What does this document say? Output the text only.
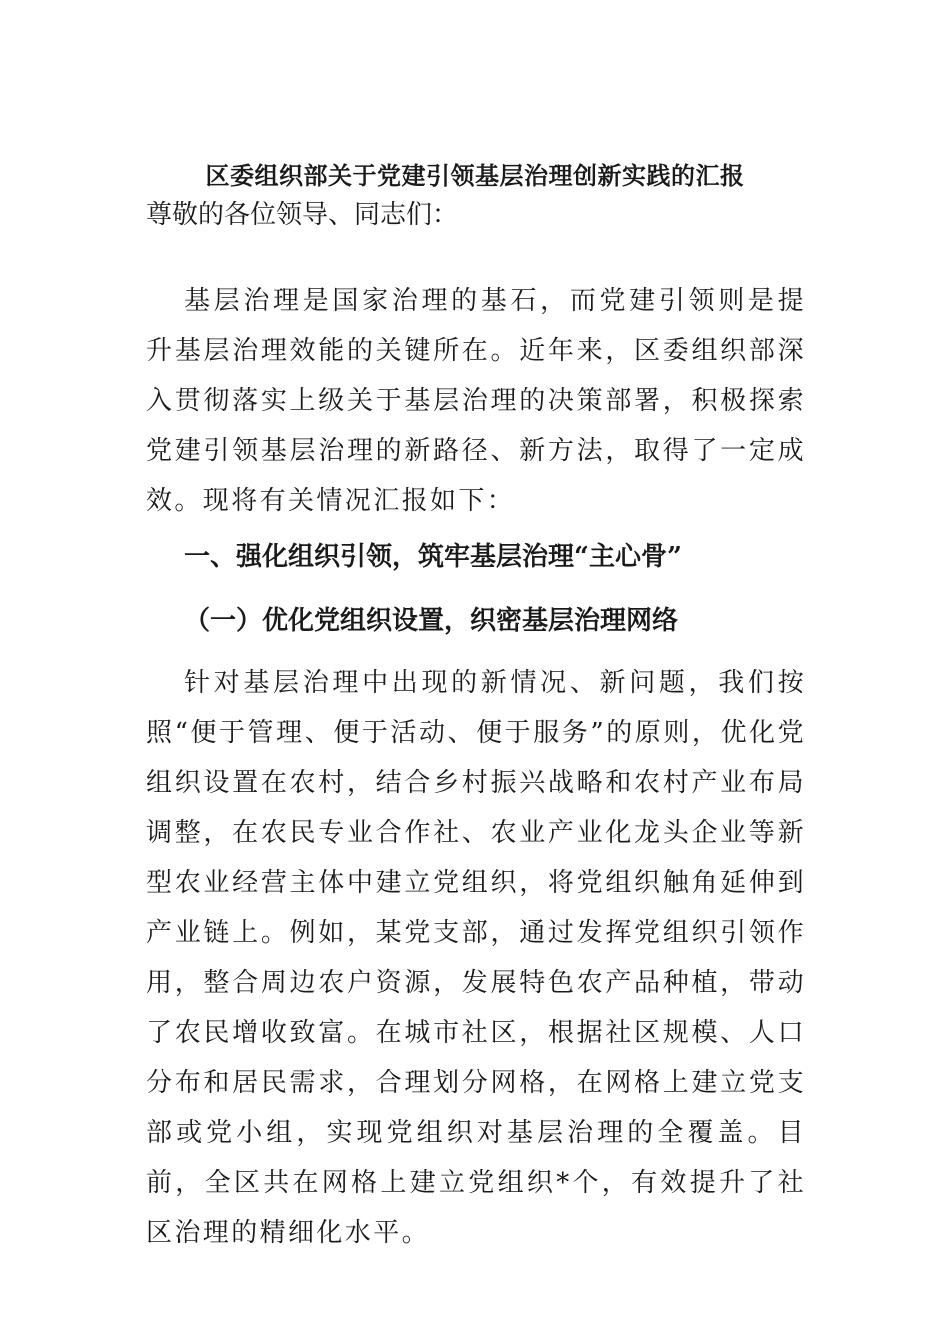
区委组织部关于党建引领基层治理创新实践的汇报

尊敬的各位领导、同志们：

基层治理是国家治理的基石，而党建引领则是提升基层治理效能的关键所在。近年来，区委组织部深入贯彻落实上级关于基层治理的决策部署，积极探索党建引领基层治理的新路径、新方法，取得了一定成效。现将有关情况汇报如下：

一、强化组织引领，筑牢基层治理“主心骨”
（一）优化党组织设置，织密基层治理网络

针对基层治理中出现的新情况、新问题，我们按照“便于管理、便于活动、便于服务”的原则，优化党组织设置在农村，结合乡村振兴战略和农村产业布局调整，在农民专业合作社、农业产业化龙头企业等新型农业经营主体中建立党组织，将党组织触角延伸到产业链上。例如，某党支部，通过发挥党组织引领作用，整合周边农户资源，发展特色农产品种植，带动了农民增收致富。在城市社区，根据社区规模、人口分布和居民需求，合理划分网格，在网格上建立党支部或党小组，实现党组织对基层治理的全覆盖。目前，全区共在网格上建立党组织*个，有效提升了社区治理的精细化水平。
